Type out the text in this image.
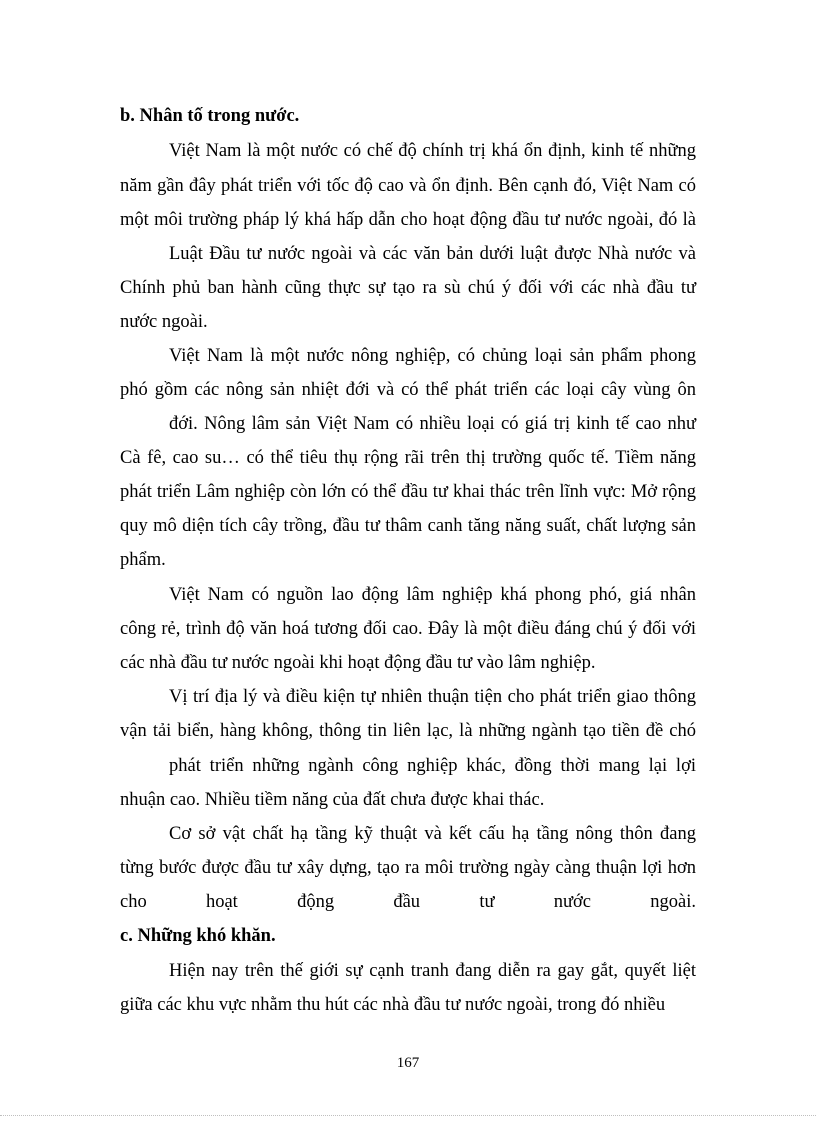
b. Nhân tố trong nước.
Việt Nam là một nước có chế độ chính trị khá ổn định, kinh tế những
năm gần đây phát triển với tốc độ cao và ổn định. Bên cạnh đó, Việt Nam có
một môi trường pháp lý khá hấp dẫn cho hoạt động đầu tư nước ngoài, đó là
Luật Đầu tư nước ngoài và các văn bản dưới luật được Nhà nước và
Chính phủ ban hành cũng thực sự tạo ra sù chú ý đối với các nhà đầu tư
nước ngoài.
Việt Nam là một nước nông nghiệp, có chủng loại sản phẩm phong
phó gồm các nông sản nhiệt đới và có thể phát triển các loại cây vùng ôn
đới. Nông lâm sản Việt Nam có nhiều loại có giá trị kinh tế cao như
Cà fê, cao su… có thể tiêu thụ rộng rãi trên thị trường quốc tế. Tiềm năng
phát triển Lâm nghiệp còn lớn có thể đầu tư khai thác trên lĩnh vực: Mở rộng
quy mô diện tích cây trồng, đầu tư thâm canh tăng năng suất, chất lượng sản
phẩm.
Việt Nam có nguồn lao động lâm nghiệp khá phong phó, giá nhân
công rẻ, trình độ văn hoá tương đối cao. Đây là một điều đáng chú ý đối với
các nhà đầu tư nước ngoài khi hoạt động đầu tư vào lâm nghiệp.
Vị trí địa lý và điều kiện tự nhiên thuận tiện cho phát triển giao thông
vận tải biển, hàng không, thông tin liên lạc, là những ngành tạo tiền đề chó
phát triển những ngành công nghiệp khác, đồng thời mang lại lợi
nhuận cao. Nhiều tiềm năng của đất chưa được khai thác.
Cơ sở vật chất hạ tầng kỹ thuật và kết cấu hạ tầng nông thôn đang
từng bước được đầu tư xây dựng, tạo ra môi trường ngày càng thuận lợi hơn
cho hoạt động đầu tư nước ngoài.
c. Những khó khăn.
Hiện nay trên thế giới sự cạnh tranh đang diễn ra gay gắt, quyết liệt
giữa các khu vực nhằm thu hút các nhà đầu tư nước ngoài, trong đó nhiều
167
